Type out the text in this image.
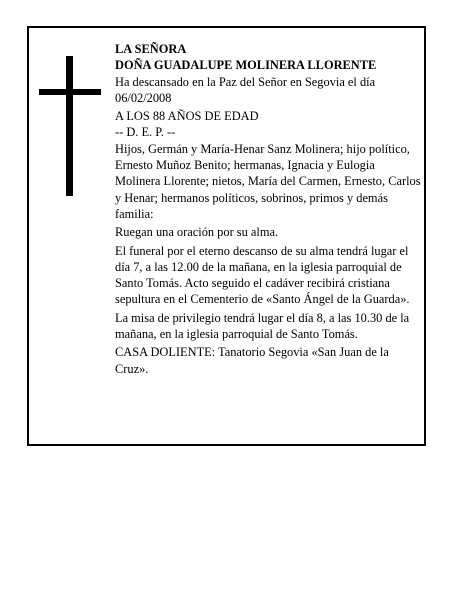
LA SEÑORA
DOÑA GUADALUPE MOLINERA LLORENTE
Ha descansado en la Paz del Señor en Segovia el día 06/02/2008
A LOS 88 AÑOS DE EDAD
-- D. E. P. --
Hijos, Germán y María-Henar Sanz Molinera; hijo político, Ernesto Muñoz Benito; hermanas, Ignacia y Eulogia Molinera Llorente; nietos, María del Carmen, Ernesto, Carlos y Henar; hermanos políticos, sobrinos, primos y demás familia:
Ruegan una oración por su alma.
El funeral por el eterno descanso de su alma tendrá lugar el día 7, a las 12.00 de la mañana, en la iglesia parroquial de Santo Tomás. Acto seguido el cadáver recibirá cristiana sepultura en el Cementerio de «Santo Ángel de la Guarda».
La misa de privilegio tendrá lugar el día 8, a las 10.30 de la mañana, en la iglesia parroquial de Santo Tomás.
CASA DOLIENTE: Tanatorio Segovia «San Juan de la Cruz».
